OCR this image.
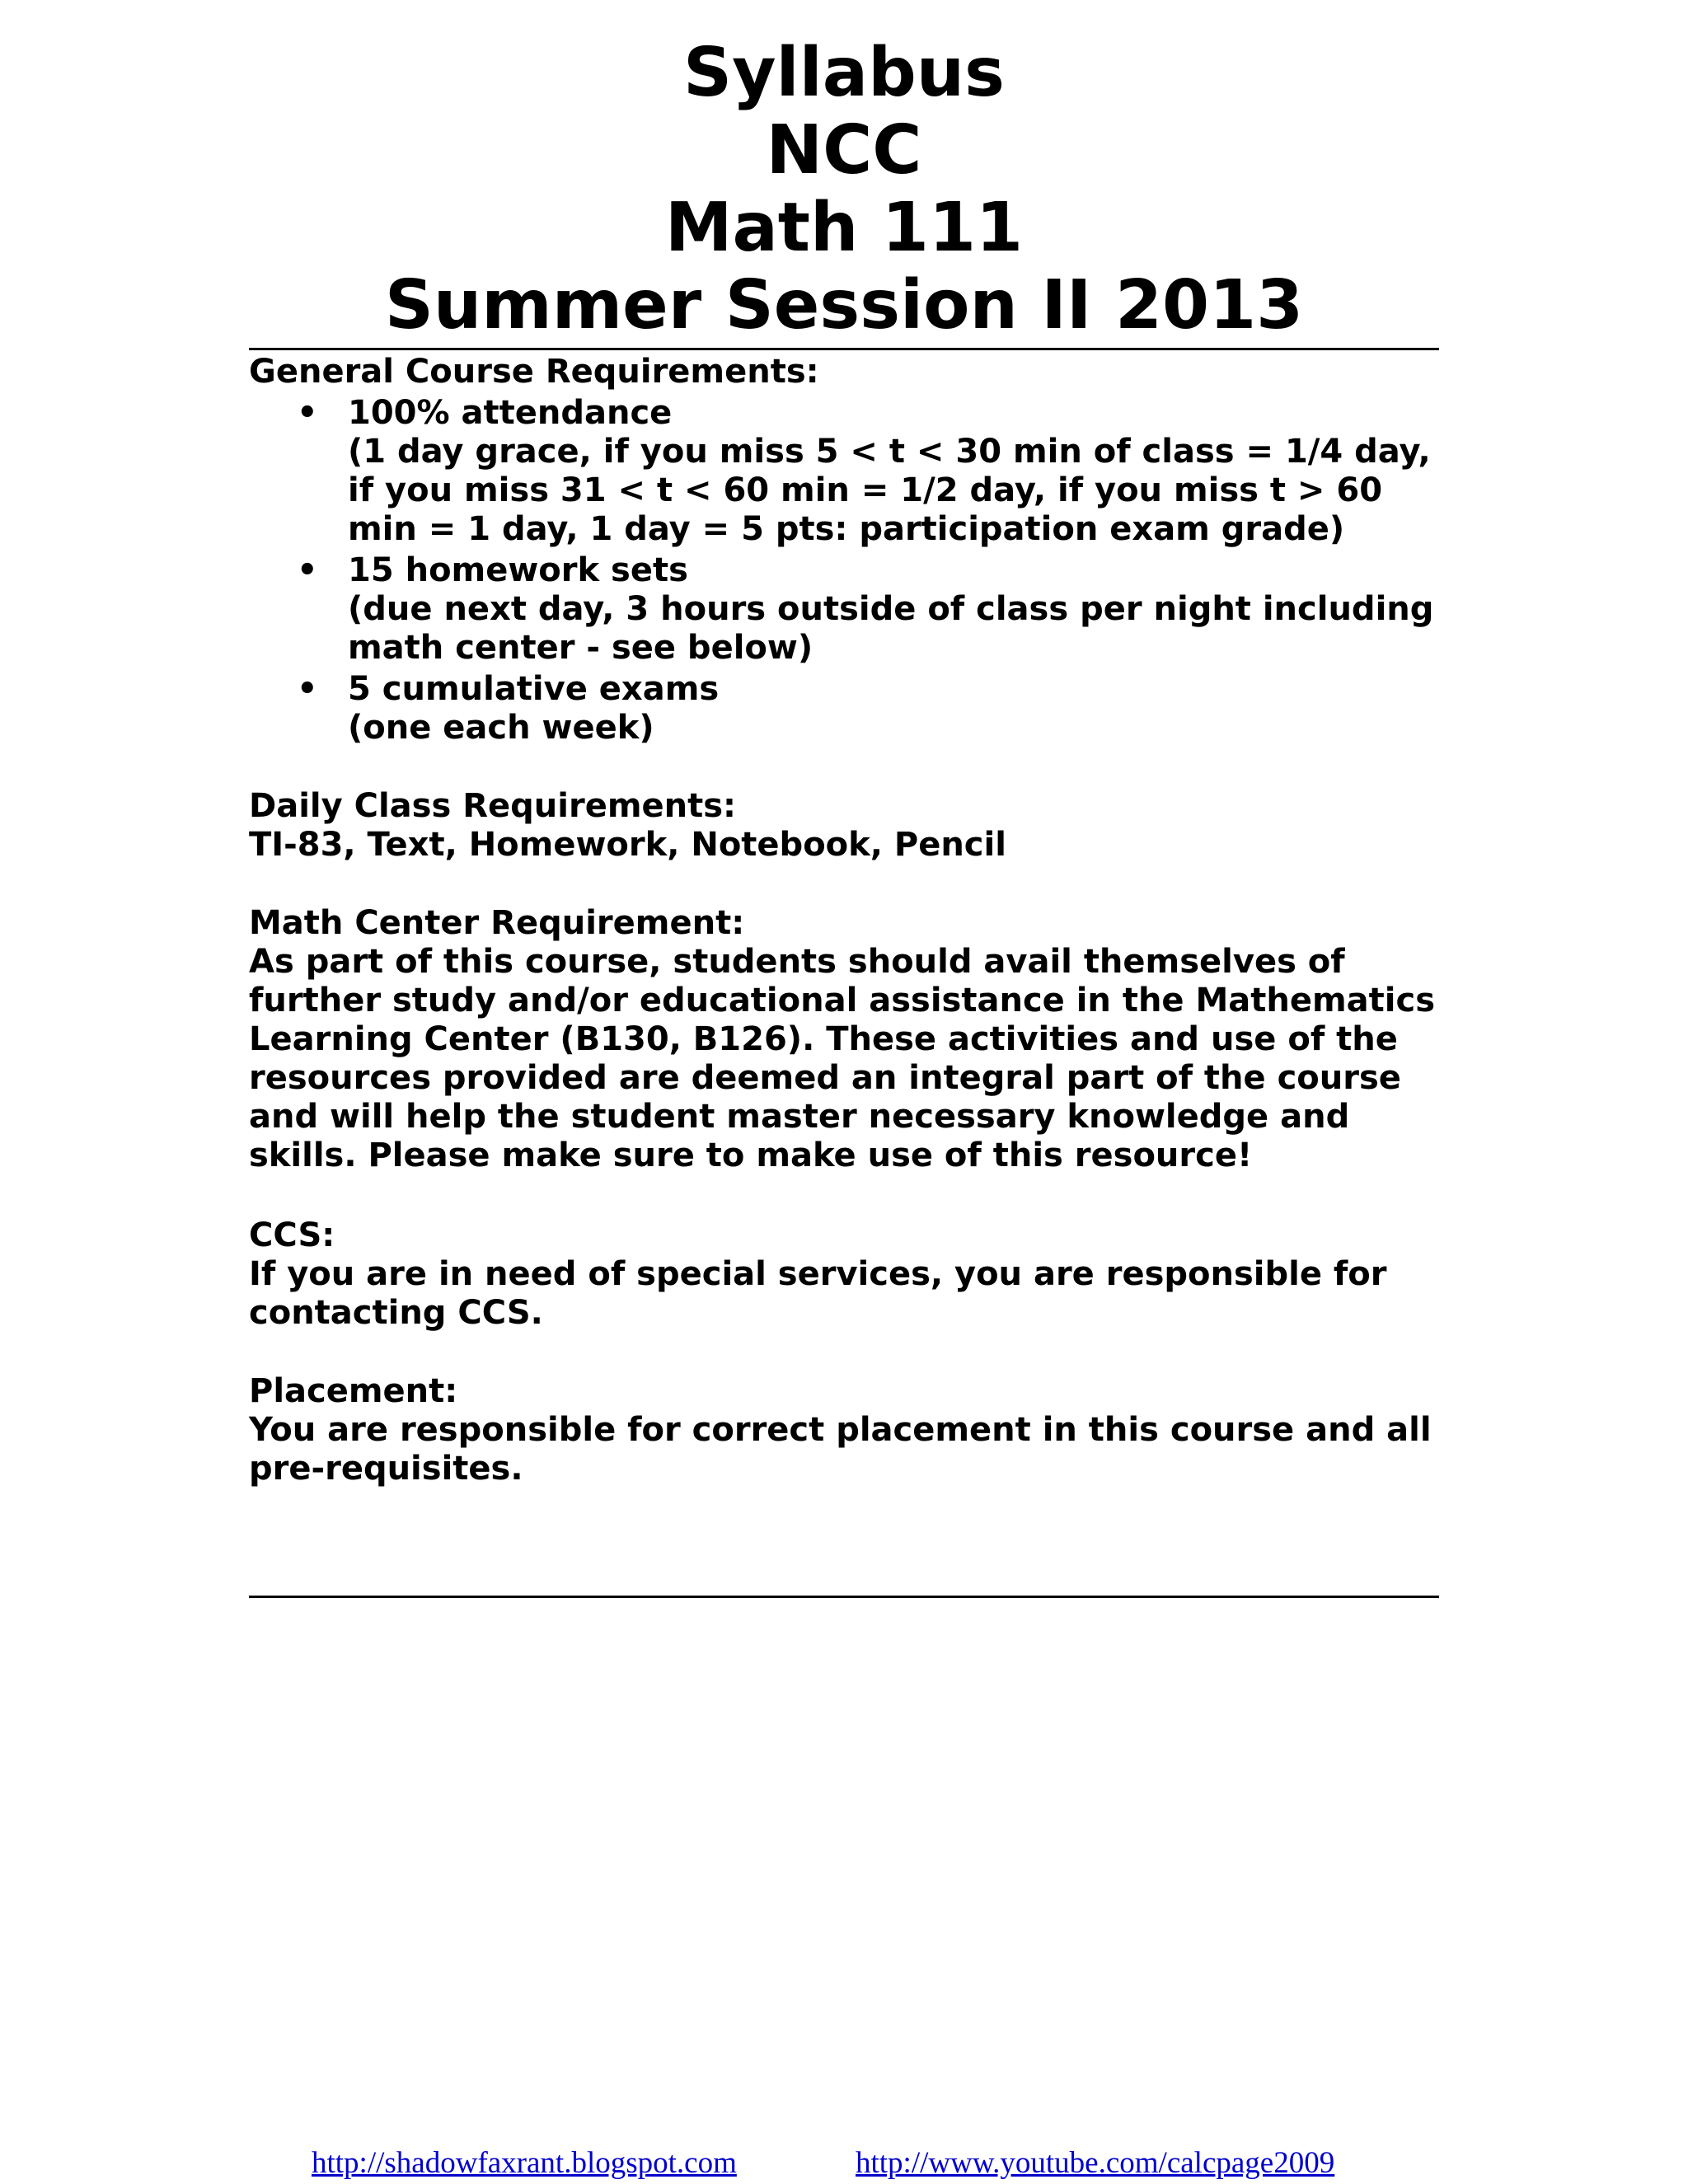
Syllabus

NCC

Math 111

Summer Session II 2013

General Course Requirements:

• 100% attendance
(1 day grace, if you miss 5 < t < 30 min of class = 1/4 day, if you miss 31 < t < 60 min = 1/2 day, if you miss t > 60 min = 1 day, 1 day = 5 pts: participation exam grade)
• 15 homework sets
(due next day, 3 hours outside of class per night including math center - see below)
• 5 cumulative exams
(one each week)

Daily Class Requirements:

TI-83, Text, Homework, Notebook, Pencil

Math Center Requirement:

As part of this course, students should avail themselves of further study and/or educational assistance in the Mathematics Learning Center (B130, B126). These activities and use of the resources provided are deemed an integral part of the course and will help the student master necessary knowledge and skills. Please make sure to make use of this resource!

CCS:

If you are in need of special services, you are responsible for contacting CCS.

Placement:

You are responsible for correct placement in this course and all pre-requisites.

http://shadowfaxrant.blogspot.com	http://www.youtube.com/calcpage2009
